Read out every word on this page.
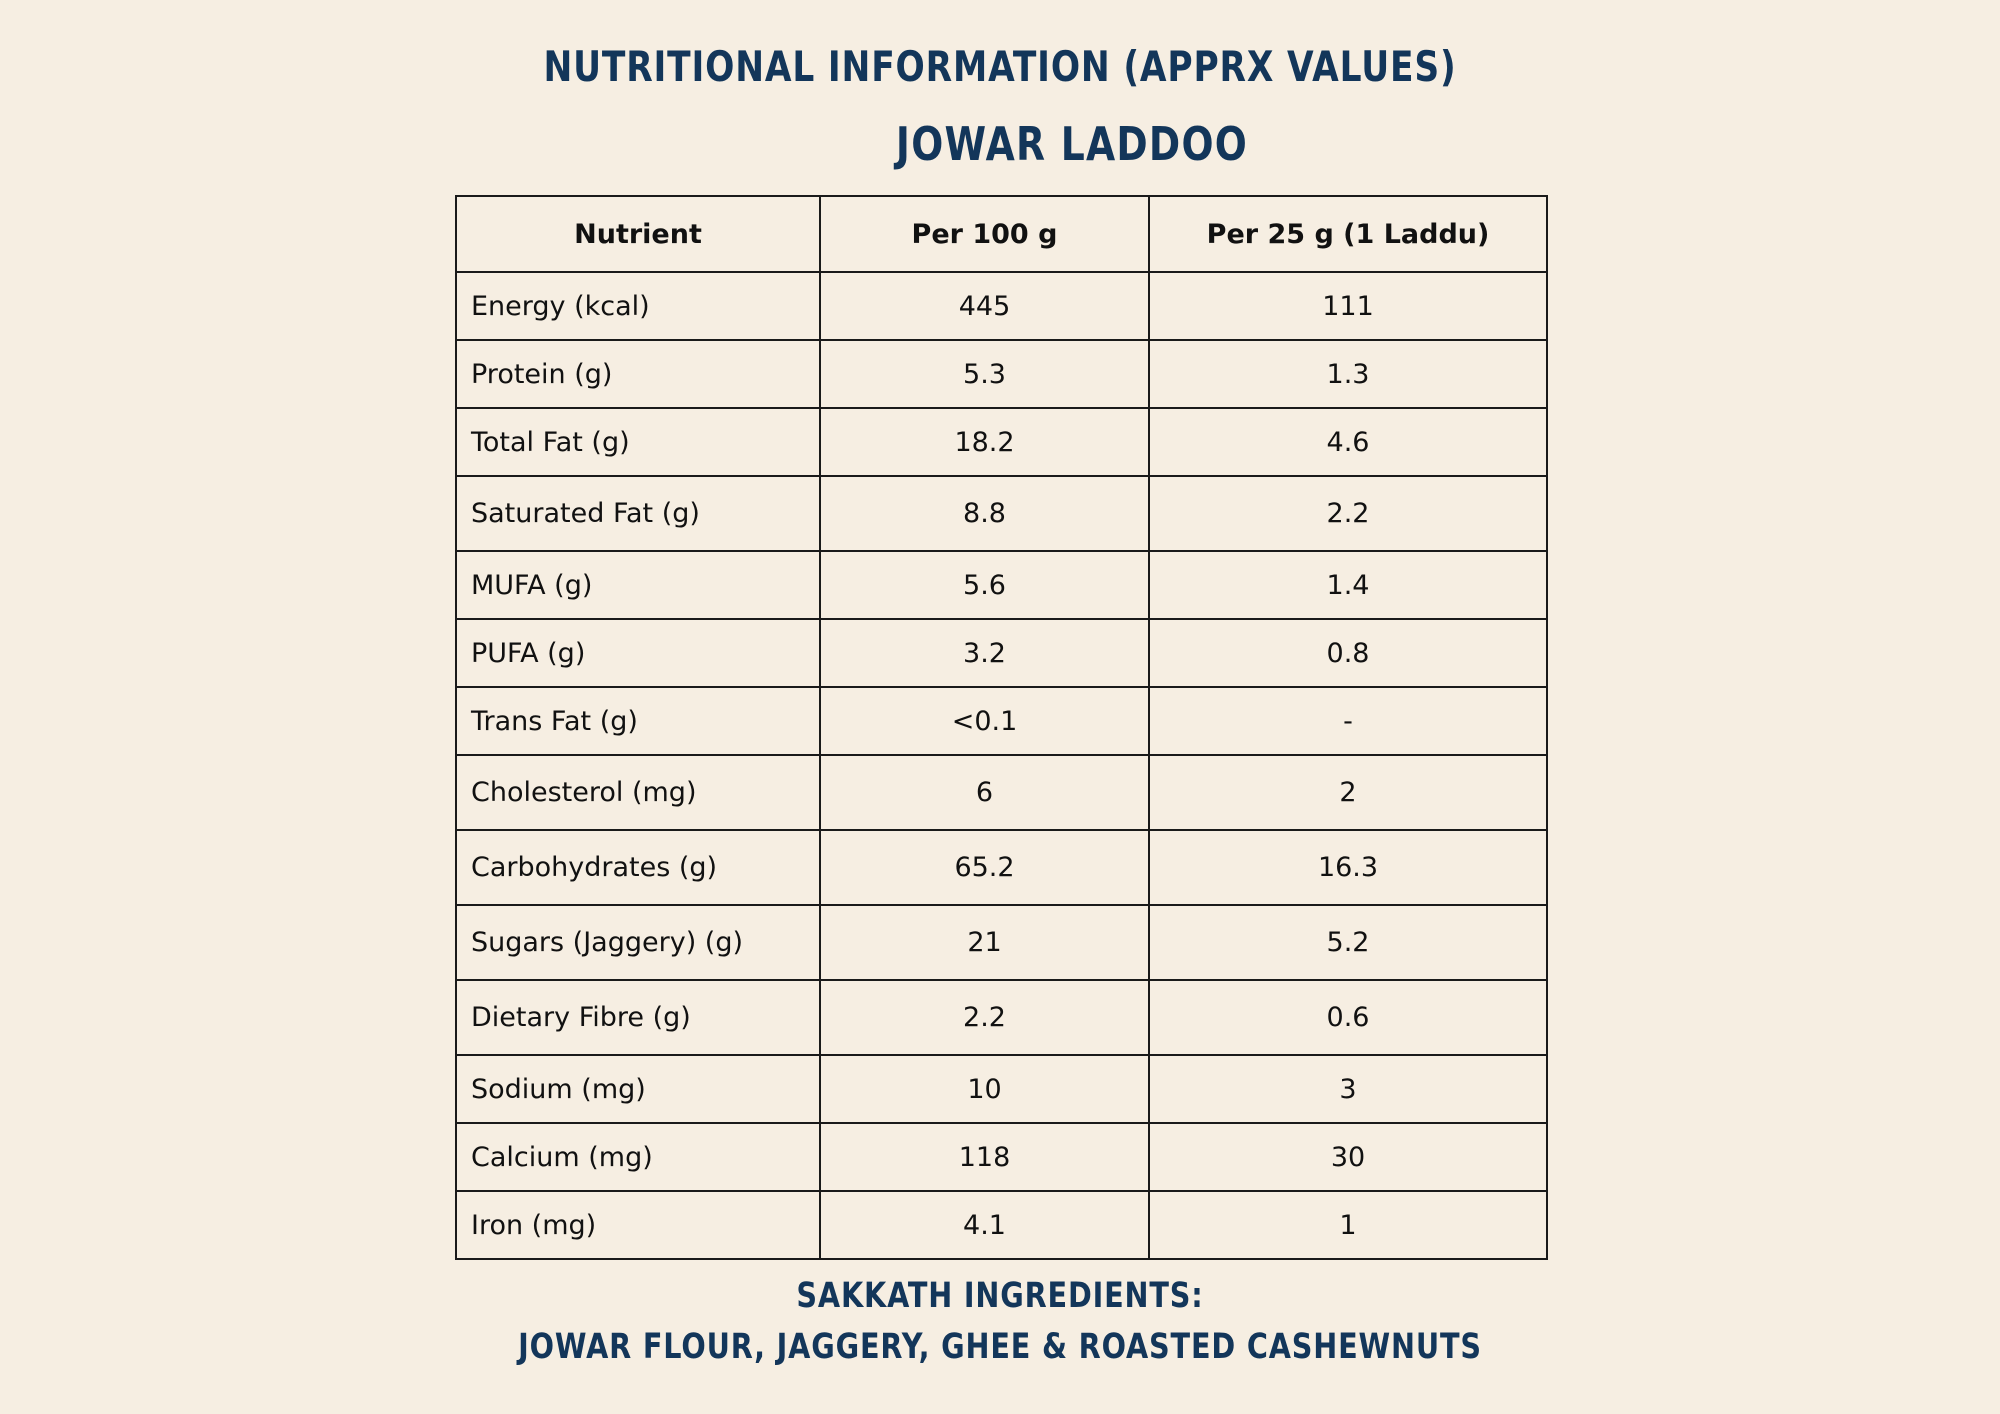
NUTRITIONAL INFORMATION (APPRX VALUES)
JOWAR LADDOO
Nutrient	Per 100 g	Per 25 g (1 Laddu)
Energy (kcal)	445	111
Protein (g)	5.3	1.3
Total Fat (g)	18.2	4.6
Saturated Fat (g)	8.8	2.2
MUFA (g)	5.6	1.4
PUFA (g)	3.2	0.8
Trans Fat (g)	<0.1	-
Cholesterol (mg)	6	2
Carbohydrates (g)	65.2	16.3
Sugars (Jaggery) (g)	21	5.2
Dietary Fibre (g)	2.2	0.6
Sodium (mg)	10	3
Calcium (mg)	118	30
Iron (mg)	4.1	1
SAKKATH INGREDIENTS:
JOWAR FLOUR, JAGGERY, GHEE & ROASTED CASHEWNUTS
